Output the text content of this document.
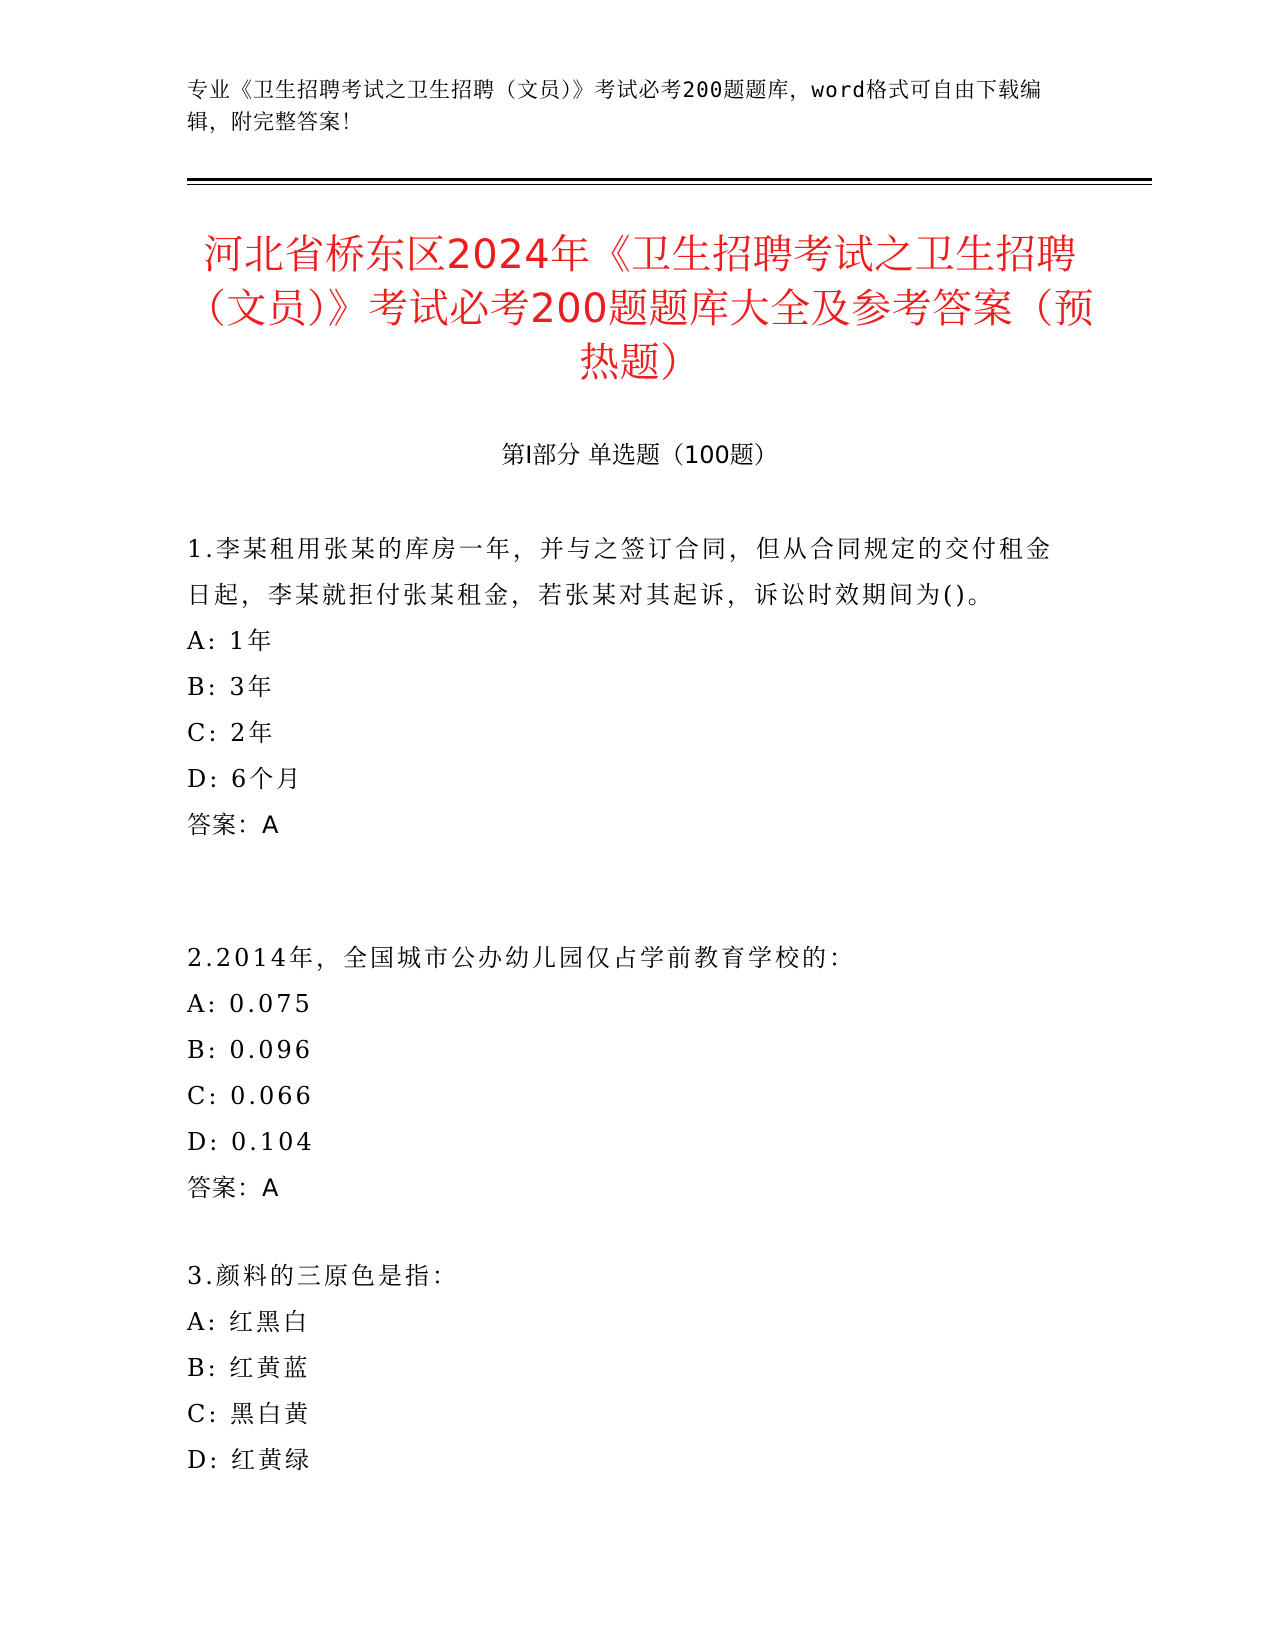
专业《卫生招聘考试之卫生招聘（文员）》考试必考200题题库，word格式可自由下载编辑，附完整答案！
河北省桥东区2024年《卫生招聘考试之卫生招聘（文员）》考试必考200题题库大全及参考答案（预热题）
第I部分 单选题（100题）
1.李某租用张某的库房一年，并与之签订合同，但从合同规定的交付租金日起，李某就拒付张某租金，若张某对其起诉，诉讼时效期间为()。
A: 1年
B: 3年
C: 2年
D: 6个月
答案：A
2.2014年，全国城市公办幼儿园仅占学前教育学校的：
A: 0.075
B: 0.096
C: 0.066
D: 0.104
答案：A
3.颜料的三原色是指：
A: 红黑白
B: 红黄蓝
C: 黑白黄
D: 红黄绿
